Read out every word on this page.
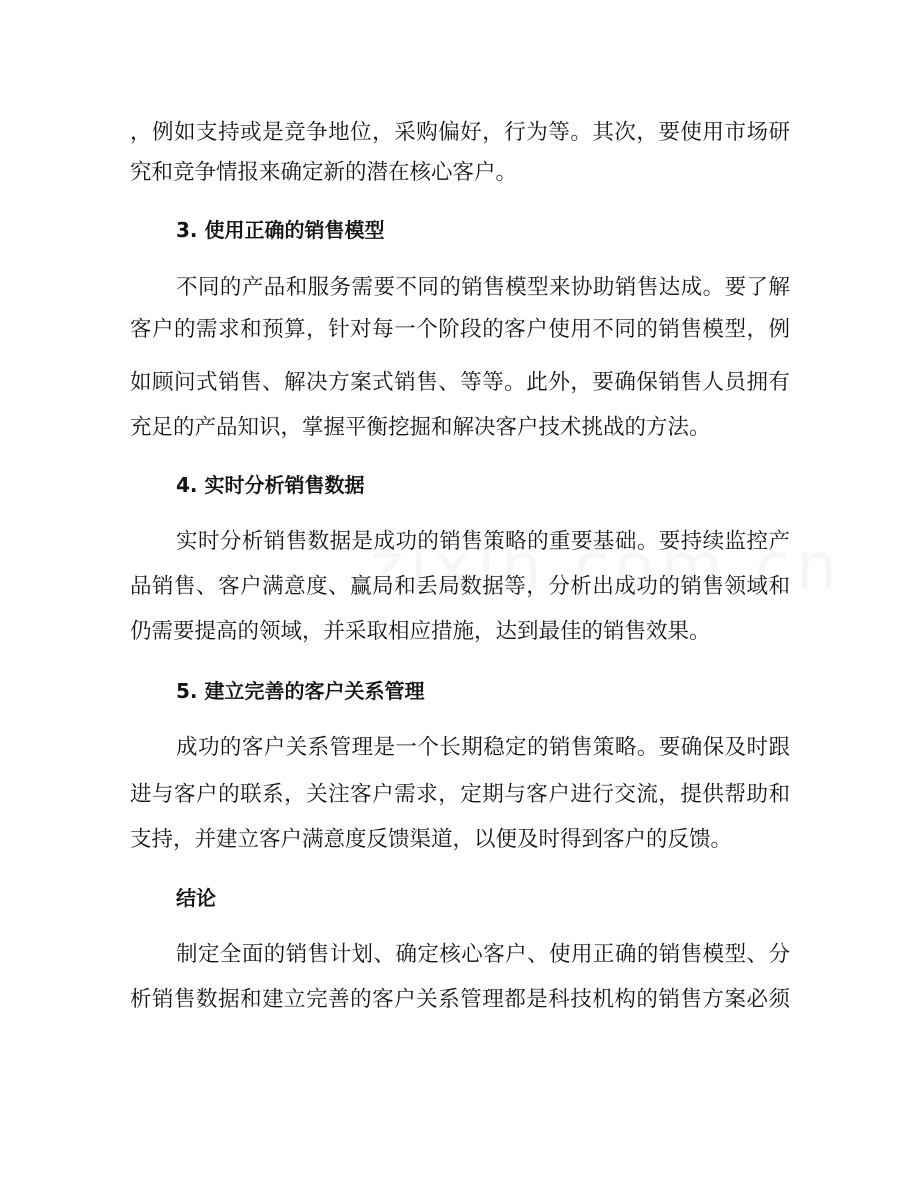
，例如支持或是竞争地位，采购偏好，行为等。其次，要使用市场研
究和竞争情报来确定新的潜在核心客户。
3. 使用正确的销售模型
不同的产品和服务需要不同的销售模型来协助销售达成。要了解
客户的需求和预算，针对每一个阶段的客户使用不同的销售模型，例
如顾问式销售、解决方案式销售、等等。此外，要确保销售人员拥有
充足的产品知识，掌握平衡挖掘和解决客户技术挑战的方法。
4. 实时分析销售数据
实时分析销售数据是成功的销售策略的重要基础。要持续监控产
品销售、客户满意度、赢局和丢局数据等，分析出成功的销售领域和
仍需要提高的领域，并采取相应措施，达到最佳的销售效果。
5. 建立完善的客户关系管理
成功的客户关系管理是一个长期稳定的销售策略。要确保及时跟
进与客户的联系，关注客户需求，定期与客户进行交流，提供帮助和
支持，并建立客户满意度反馈渠道，以便及时得到客户的反馈。
结论
制定全面的销售计划、确定核心客户、使用正确的销售模型、分
析销售数据和建立完善的客户关系管理都是科技机构的销售方案必须
